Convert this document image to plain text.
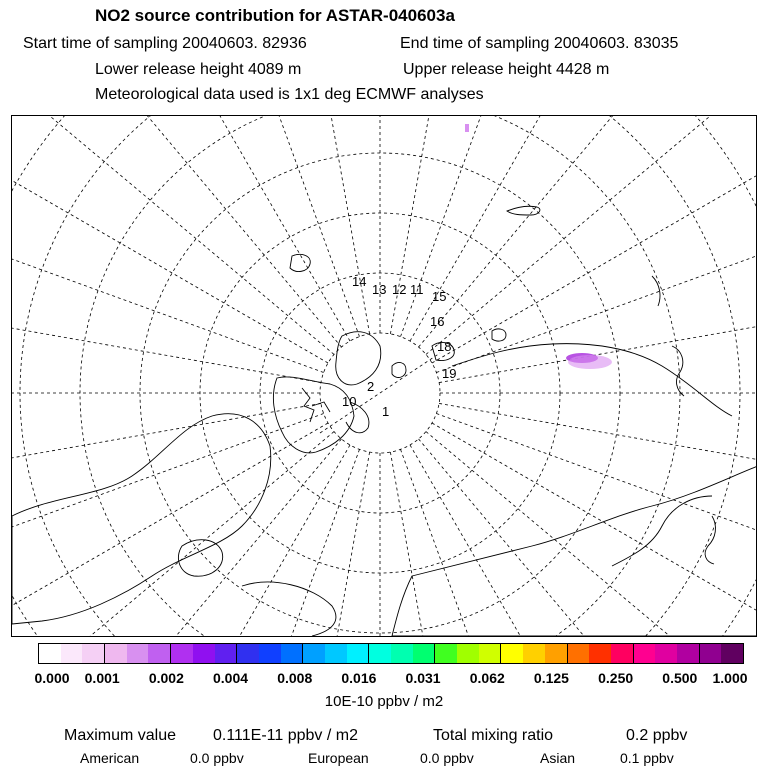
NO2 source contribution for ASTAR-040603a
Start time of sampling 20040603. 82936	End time of sampling 20040603. 83035
Lower release height 4089 m	Upper release height 4428 m
Meteorological data used is 1x1 deg ECMWF analyses
14
15
16
18
19
1
2
13 12 11
10
0.000 0.001 0.002 0.004 0.008 0.016 0.031 0.062 0.125 0.250 0.500 1.000
10E-10 ppbv / m2
Maximum value 0.111E-11 ppbv / m2	Total mixing ratio	0.2 ppbv
American	0.0 ppbv	European	0.0 ppbv	Asian	0.1 ppbv
